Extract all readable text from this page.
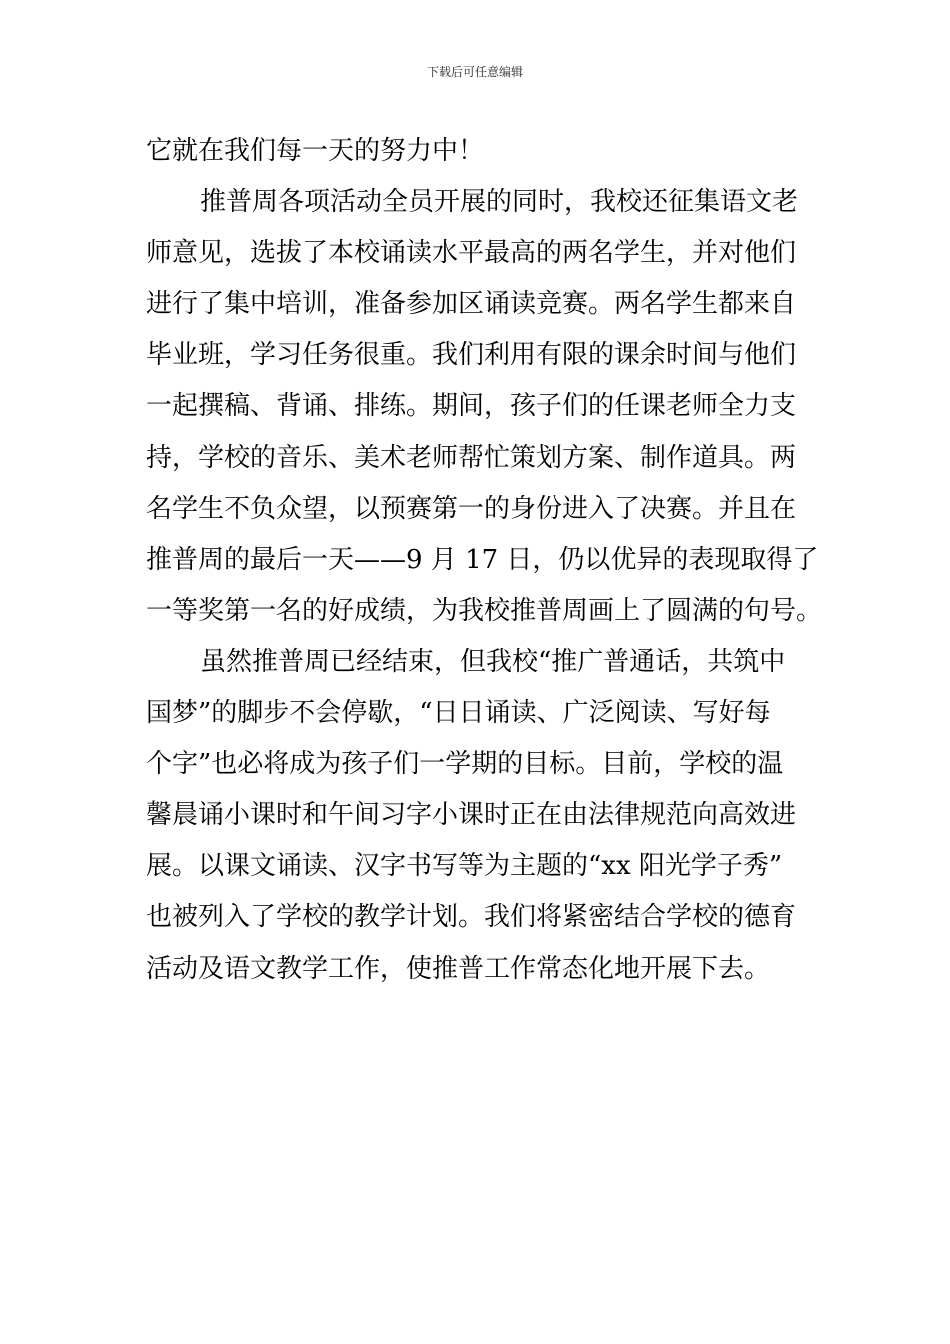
下载后可任意编辑

它就在我们每一天的努力中！

推普周各项活动全员开展的同时，我校还征集语文老
师意见，选拔了本校诵读水平最高的两名学生，并对他们
进行了集中培训，准备参加区诵读竞赛。两名学生都来自
毕业班，学习任务很重。我们利用有限的课余时间与他们
一起撰稿、背诵、排练。期间，孩子们的任课老师全力支
持，学校的音乐、美术老师帮忙策划方案、制作道具。两
名学生不负众望，以预赛第一的身份进入了决赛。并且在
推普周的最后一天——9 月 17 日，仍以优异的表现取得了
一等奖第一名的好成绩，为我校推普周画上了圆满的句号。

虽然推普周已经结束，但我校“推广普通话，共筑中
国梦”的脚步不会停歇，“日日诵读、广泛阅读、写好每
个字”也必将成为孩子们一学期的目标。目前，学校的温
馨晨诵小课时和午间习字小课时正在由法律规范向高效进
展。以课文诵读、汉字书写等为主题的“xx 阳光学子秀”
也被列入了学校的教学计划。我们将紧密结合学校的德育
活动及语文教学工作，使推普工作常态化地开展下去。
